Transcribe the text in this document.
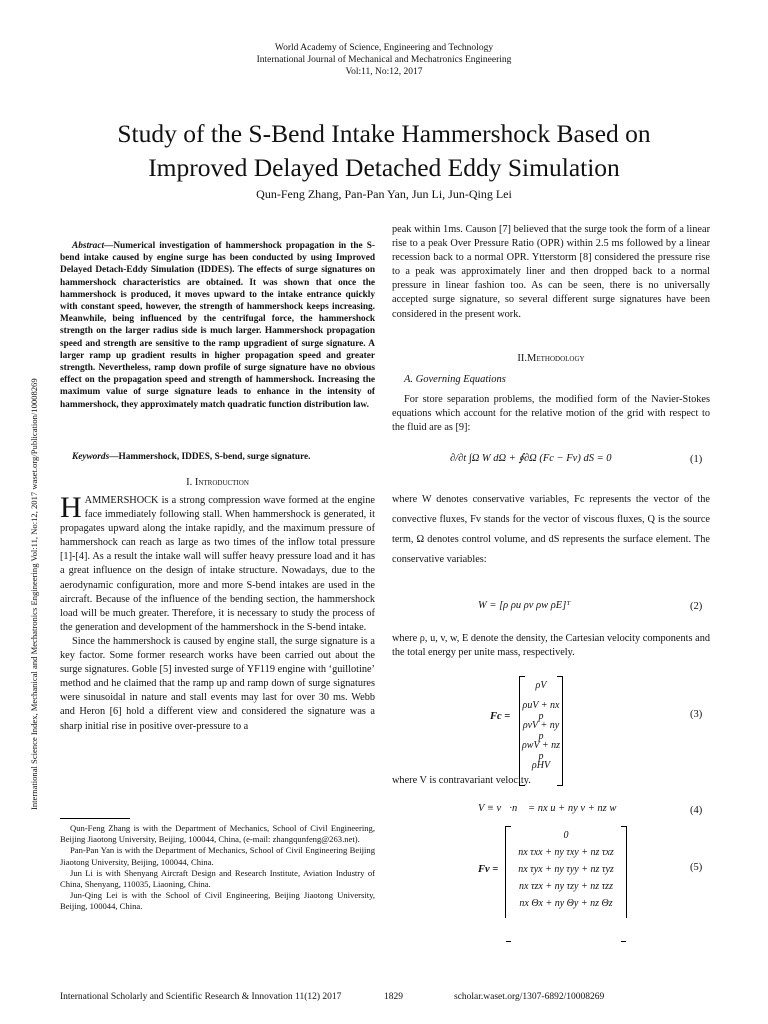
World Academy of Science, Engineering and Technology
International Journal of Mechanical and Mechatronics Engineering
Vol:11, No:12, 2017
Study of the S-Bend Intake Hammershock Based on
Improved Delayed Detached Eddy Simulation
Qun-Feng Zhang, Pan-Pan Yan, Jun Li, Jun-Qing Lei
International Science Index, Mechanical and Mechatronics Engineering Vol:11, No:12, 2017 waset.org/Publication/10008269
Abstract—Numerical investigation of hammershock propagation in the S-bend intake caused by engine surge has been conducted by using Improved Delayed Detach-Eddy Simulation (IDDES). The effects of surge signatures on hammershock characteristics are obtained. It was shown that once the hammershock is produced, it moves upward to the intake entrance quickly with constant speed, however, the strength of hammershock keeps increasing. Meanwhile, being influenced by the centrifugal force, the hammershock strength on the larger radius side is much larger. Hammershock propagation speed and strength are sensitive to the ramp upgradient of surge signature. A larger ramp up gradient results in higher propagation speed and greater strength. Nevertheless, ramp down profile of surge signature have no obvious effect on the propagation speed and strength of hammershock. Increasing the maximum value of surge signature leads to enhance in the intensity of hammershock, they approximately match quadratic function distribution law.
Keywords—Hammershock, IDDES, S-bend, surge signature.
I. Introduction

HAMMERSHOCK is a strong compression wave formed at the engine face immediately following stall. When hammershock is generated, it propagates upward along the intake rapidly, and the maximum pressure of hammershock can reach as large as two times of the inflow total pressure [1]-[4]. As a result the intake wall will suffer heavy pressure load and it has a great influence on the design of intake structure. Nowadays, due to the aerodynamic configuration, more and more S-bend intakes are used in the aircraft. Because of the influence of the bending section, the hammershock load will be much greater. Therefore, it is necessary to study the process of the generation and development of the hammershock in the S-bend intake.

Since the hammershock is caused by engine stall, the surge signature is a key factor. Some former research works have been carried out about the surge signatures. Goble [5] invested surge of YF119 engine with ‘guillotine’ method and he claimed that the ramp up and ramp down of surge signatures were sinusoidal in nature and stall events may last for over 30 ms. Webb and Heron [6] hold a different view and considered the signature was a sharp initial rise in positive over-pressure to a

Qun-Feng Zhang is with the Department of Mechanics, School of Civil Engineering, Beijing Jiaotong University, Beijing, 100044, China, (e-mail: zhangqunfeng@263.net).

Pan-Pan Yan is with the Department of Mechanics, School of Civil Engineering Beijing Jiaotong University, Beijing, 100044, China.

Jun Li is with Shenyang Aircraft Design and Research Institute, Aviation Industry of China, Shenyang, 110035, Liaoning, China.

Jun-Qing Lei is with the School of Civil Engineering, Beijing Jiaotong University, Beijing, 100044, China.

peak within 1ms. Causon [7] believed that the surge took the form of a linear rise to a peak Over Pressure Ratio (OPR) within 2.5 ms followed by a linear recession back to a normal OPR. Ytterstorm [8] considered the pressure rise to a peak was approximately liner and then dropped back to a normal pressure in linear fashion too. As can be seen, there is no universally accepted surge signature, so several different surge signatures have been considered in the present work.
II.Methodology
A. Governing Equations
For store separation problems, the modified form of the Navier-Stokes equations which account for the relative motion of the grid with respect to the fluid are as [9]:
∂/∂t ∫Ω W dΩ + ∮∂Ω (Fc − Fv) dS = 0	(1)
where W denotes conservative variables, Fc represents the vector of the convective fluxes, Fv stands for the vector of viscous fluxes, Q is the source term, Ω denotes control volume, and dS represents the surface element. The conservative variables:
W = [ρ ρu ρv ρw ρE]ᵀ	(2)
where ρ, u, v, w, E denote the density, the Cartesian velocity components and the total energy per unite mass, respectively.
Fc =
ρV
ρuV + nx p
ρvV + ny p
ρwV + nz p
ρHV
(3)
where V is contravariant velocity.
V ≡ v⃗·n⃗ = nx u + ny v + nz w	(4)
Fv =
0
nx τxx + ny τxy + nz τxz
nx τyx + ny τyy + nz τyz
nx τzx + ny τzy + nz τzz
nx Θx + ny Θy + nz Θz
(5)
International Scholarly and Scientific Research & Innovation 11(12) 2017	1829	scholar.waset.org/1307-6892/10008269
